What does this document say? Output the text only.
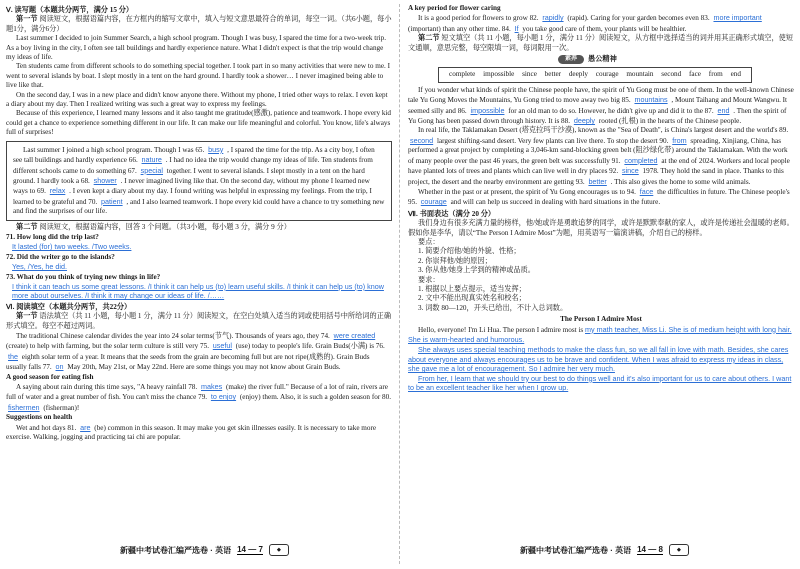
Ⅴ. 读写题（本题共分两节，满分 15 分）

第一节 阅读短文，根据语篇内容，在方框内的缩写文章中，填入与短文意思最符合的单词，每空一词。（共6小题，每小题1分，满分6分）

Last summer I decided to join Summer Search, a high school program. Though I was busy, I spared the time for a two-week trip. As a boy living in the city, I often see tall buildings and hardly experience nature. What I didn't expect is that the trip would change my ideas of life.

Ten students came from different schools to do something special together. I took part in so many activities that were new to me. I went to several islands by boat. I slept mostly in a tent on the hard ground. I hardly took a shower… I never imagined being able to live like that.

On the second day, I was in a new place and didn't know anyone there. Without my phone, I tried other ways to relax. I even kept a diary about my day. Then I realized writing was such a great way to express my feelings.

Because of this experience, I learned many lessons and it also taught me gratitude(感激), patience and teamwork. I hope every kid could get a chance to experience something different in our life. It can make our life meaningful and colorful. You know, life's always full of surprises!

Last summer I joined a high school program. Though I was 65. busy , I spared the time for the trip. As a city boy, I often see tall buildings and hardly experience 66. nature . I had no idea the trip would change my ideas of life. Ten students from different schools came to do something 67. special together. I went to several islands. I slept mostly in a tent on the hard ground. I hardly took a 68. shower . I never imagined living like that. On the second day, without my phone I learned new ways to 69. relax . I even kept a diary about my day. I found writing was helpful in expressing my feelings. From the trip, I learned to be grateful and 70. patient , and I also learned teamwork. I hope every kid could have a chance to try something new and find the surprises of our life.

第二节 阅读短文，根据语篇内容，回答 3 个问题。（共3小题，每小题 3 分，满分 9 分）

71. How long did the trip last?

It lasted (for) two weeks. /Two weeks.

72. Did the writer go to the islands?

Yes, /Yes, he did.

73. What do you think of trying new things in life?

I think it can teach us some great lessons. /I think it can help us (to) learn useful skills. /I think it can help us (to) know more about ourselves. /I think it may change our ideas of life. /……

Ⅵ. 阅读填空（本题共分两节，共22分）

第一节 语法填空（共 11 小题，每小题 1 分，满分 11 分）阅读短文，在空白处填入适当的词或使用括号中所给词的正确形式填空。每空不超过两词。

The traditional Chinese calendar divides the year into 24 solar terms(节气). Thousands of years ago, they 74. were created (create) to help with farming, but the solar term culture is still very 75. useful (use) today to people's life. Grain Buds(小满) is 76. the eighth solar term of a year. It means that the seeds from the grain are becoming full but are not ripe(成熟的). Grain Buds usually falls 77. on May 20th, May 21st, or May 22nd. Here are some things you may not know about Grain Buds.

A good season for eating fish

A saying about rain during this time says, "A heavy rainfall 78. makes (make) the river full." Because of a lot of rain, rivers are full of water and a great number of fish. You can't miss the chance 79. to enjoy (enjoy) them. Also, it is such a golden season for 80. fishermen (fisherman)!

Suggestions on health

Wet and hot days 81. are (be) common in this season. It may make you get skin illnesses easily. It is necessary to take more exercise. Walking, jogging and practicing tai chi are popular.

新疆中考试卷汇编严选卷 · 英语 14 — 7	◆

A key period for flower caring

It is a good period for flowers to grow 82. rapidly (rapid). Caring for your garden becomes even 83. more important (important) than any other time. 84. If you take good care of them, your plants will be healthier.

第二节 短文填空（共 11 小题，每小题 1 分，满分 11 分）阅读短文，从方框中选择适当的词并用其正确形式填空，使短文通顺，意思完整，每空限填一词，每词限用一次。

素养	愚公精神
complete impossible since better deeply courage mountain second face from end

If you wonder what kinds of spirit the Chinese people have, the spirit of Yu Gong must be one of them. In the well-known Chinese tale Yu Gong Moves the Mountains, Yu Gong tried to move away two big 85. mountains , Mount Taihang and Mount Wangwu. It seemed silly and 86. impossible for an old man to do so. However, he didn't give up and did it to the 87. end . Then the spirit of Yu Gong has been passed down through history. It is 88. deeply rooted (扎根) in the hearts of the Chinese people.

In real life, the Taklamakan Desert (塔克拉玛干沙漠), known as the "Sea of Death", is China's largest desert and the world's 89. second largest shifting-sand desert. Very few plants can live there. To stop the desert 90. from spreading, Xinjiang, China, has performed a great project by completing a 3,046-km sand-blocking green belt (阻沙绿化带) around the Taklamakan. With the work of many people over the past 46 years, the green belt was successfully 91. completed at the end of 2024. Workers and local people have planted lots of trees and plants which can live well in dry places 92. since 1978. They hold the sand in place. Thanks to this project, the desert and the nearby environment are getting 93. better . This also gives the home to some wild animals.

Whether in the past or at present, the spirit of Yu Gong encourages us to 94. face the difficulties in future. The Chinese people's 95. courage and will can help us succeed in dealing with hard situations in the future.

Ⅶ. 书面表达（满分 20 分）

我们身边有很多充满力量的榜样，他/她或许是勇敢追梦的同学，或许是默默奉献的家人，或许是传递社会温暖的老师。假如你是李华，请以“The Person I Admire Most”为题，用英语写一篇演讲稿，介绍自己的榜样。

要点：

1. 简要介绍他/她的外貌、性格；

2. 你崇拜他/她的原因；

3. 你从他/她身上学到的精神或品质。

要求：

1. 根据以上要点提示，适当发挥；

2. 文中不能出现真实姓名和校名；

3. 词数 80—120，开头已给出，不计入总词数。

The Person I Admire Most

Hello, everyone! I'm Li Hua. The person I admire most is my math teacher, Miss Li. She is of medium height with long hair. She is warm-hearted and humorous.

She always uses special teaching methods to make the class fun, so we all fall in love with math. Besides, she cares about everyone and always encourages us to be brave and confident. When I was afraid to express my ideas in class, she gave me a lot of encouragement. So I admire her very much.

From her, I learn that we should try our best to do things well and it's also important for us to care about others. I want to be an excellent teacher like her when I grow up.

新疆中考试卷汇编严选卷 · 英语 14 — 8	◆
